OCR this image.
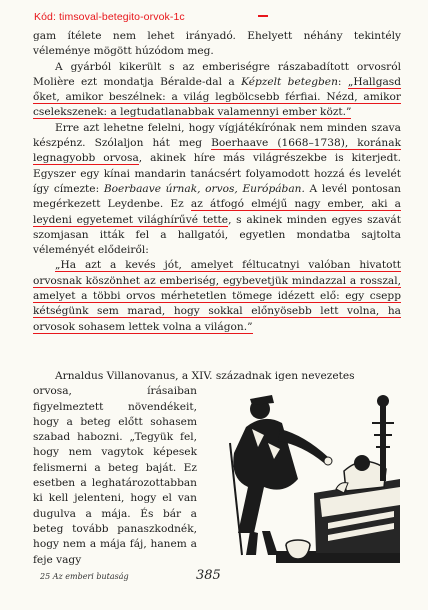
Kód: timsoval-betegito-orvok-1c

gam ítélete nem lehet irányadó. Ehelyett néhány tekintély véleménye mögött húzódom meg.

A gyárból kikerült s az emberiségre rászabadított orvosról Molière ezt mondatja Béralde-dal a Képzelt betegben: „Hallgasd őket, amikor beszélnek: a világ legbölcsebb férfiai. Nézd, amikor cselekszenek: a legtudatlanabbak valamennyi ember közt.”

Erre azt lehetne felelni, hogy vígjátékírónak nem minden szava készpénz. Szólaljon hát meg Boerhaave (1668–1738), korának legnagyobb orvosa, akinek híre más világrészekbe is kiterjedt. Egyszer egy kínai mandarin tanácsért folyamodott hozzá és levelét így címezte: Boerbaave úrnak, orvos, Európában. A levél pontosan megérkezett Leydenbe. Ez az átfogó elméjű nagy ember, aki a leydeni egyetemet világhírűvé tette, s akinek minden egyes szavát szomjasan itták fel a hallgatói, egyetlen mondatba sajtolta véleményét elődeiről:

„Ha azt a kevés jót, amelyet féltucatnyi valóban hivatott orvosnak köszönhet az emberiség, egybevetjük mindazzal a rosszal, amelyet a többi orvos mérhetetlen tömege idézett elő: egy csepp kétségünk sem marad, hogy sokkal előnyösebb lett volna, ha orvosok sohasem lettek volna a világon.”

Arnaldus Villanovanus, a XIV. századnak igen nevezetes

orvosa, írásaiban figyelmeztett növendékeit, hogy a beteg előtt sohasem szabad habozni. „Tegyük fel, hogy nem vagytok képesek felismerni a beteg baját. Ez esetben a leghatározottabban ki kell jelenteni, hogy el van dugulva a mája. És bár a beteg tovább panaszkodnék, hogy nem a mája fáj, hanem a feje vagy

25 Az emberi butaság	385
